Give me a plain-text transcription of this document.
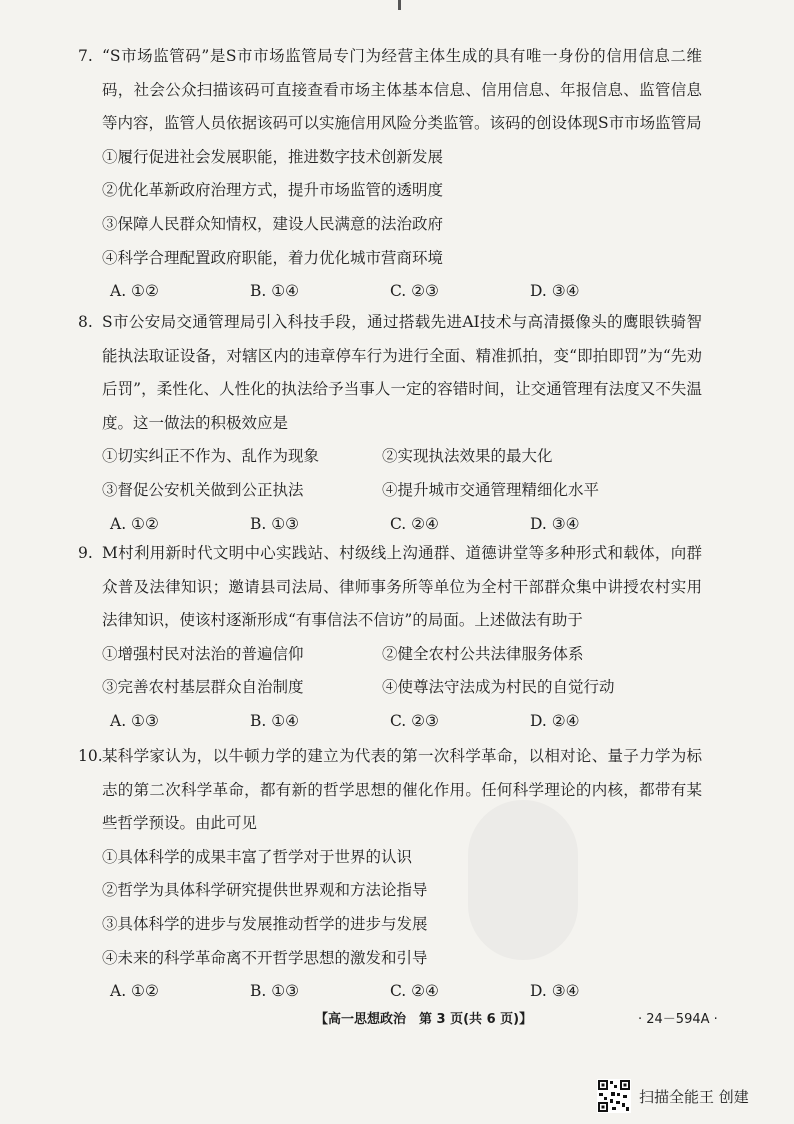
7. “S市场监管码”是S市市场监管局专门为经营主体生成的具有唯一身份的信用信息二维码，社会公众扫描该码可直接查看市场主体基本信息、信用信息、年报信息、监管信息等内容，监管人员依据该码可以实施信用风险分类监管。该码的创设体现S市市场监管局

①履行促进社会发展职能，推进数字技术创新发展

②优化革新政府治理方式，提升市场监管的透明度

③保障人民群众知情权，建设人民满意的法治政府

④科学合理配置政府职能，着力优化城市营商环境

A. ①②	B. ①④	C. ②③	D. ③④

8. S市公安局交通管理局引入科技手段，通过搭载先进AI技术与高清摄像头的鹰眼铁骑智能执法取证设备，对辖区内的违章停车行为进行全面、精准抓拍，变“即拍即罚”为“先劝后罚”，柔性化、人性化的执法给予当事人一定的容错时间，让交通管理有法度又不失温度。这一做法的积极效应是

①切实纠正不作为、乱作为现象	②实现执法效果的最大化
③督促公安机关做到公正执法	④提升城市交通管理精细化水平
A. ①②	B. ①③	C. ②④	D. ③④

9. M村利用新时代文明中心实践站、村级线上沟通群、道德讲堂等多种形式和载体，向群众普及法律知识；邀请县司法局、律师事务所等单位为全村干部群众集中讲授农村实用法律知识，使该村逐渐形成“有事信法不信访”的局面。上述做法有助于

①增强村民对法治的普遍信仰	②健全农村公共法律服务体系
③完善农村基层群众自治制度	④使尊法守法成为村民的自觉行动
A. ①③	B. ①④	C. ②③	D. ②④

10. 某科学家认为，以牛顿力学的建立为代表的第一次科学革命，以相对论、量子力学为标志的第二次科学革命，都有新的哲学思想的催化作用。任何科学理论的内核，都带有某些哲学预设。由此可见

①具体科学的成果丰富了哲学对于世界的认识

②哲学为具体科学研究提供世界观和方法论指导

③具体科学的进步与发展推动哲学的进步与发展

④未来的科学革命离不开哲学思想的激发和引导

A. ①②	B. ①③	C. ②④	D. ③④
【高一思想政治　第 3 页(共 6 页)】	· 24－594A ·
扫描全能王 创建
